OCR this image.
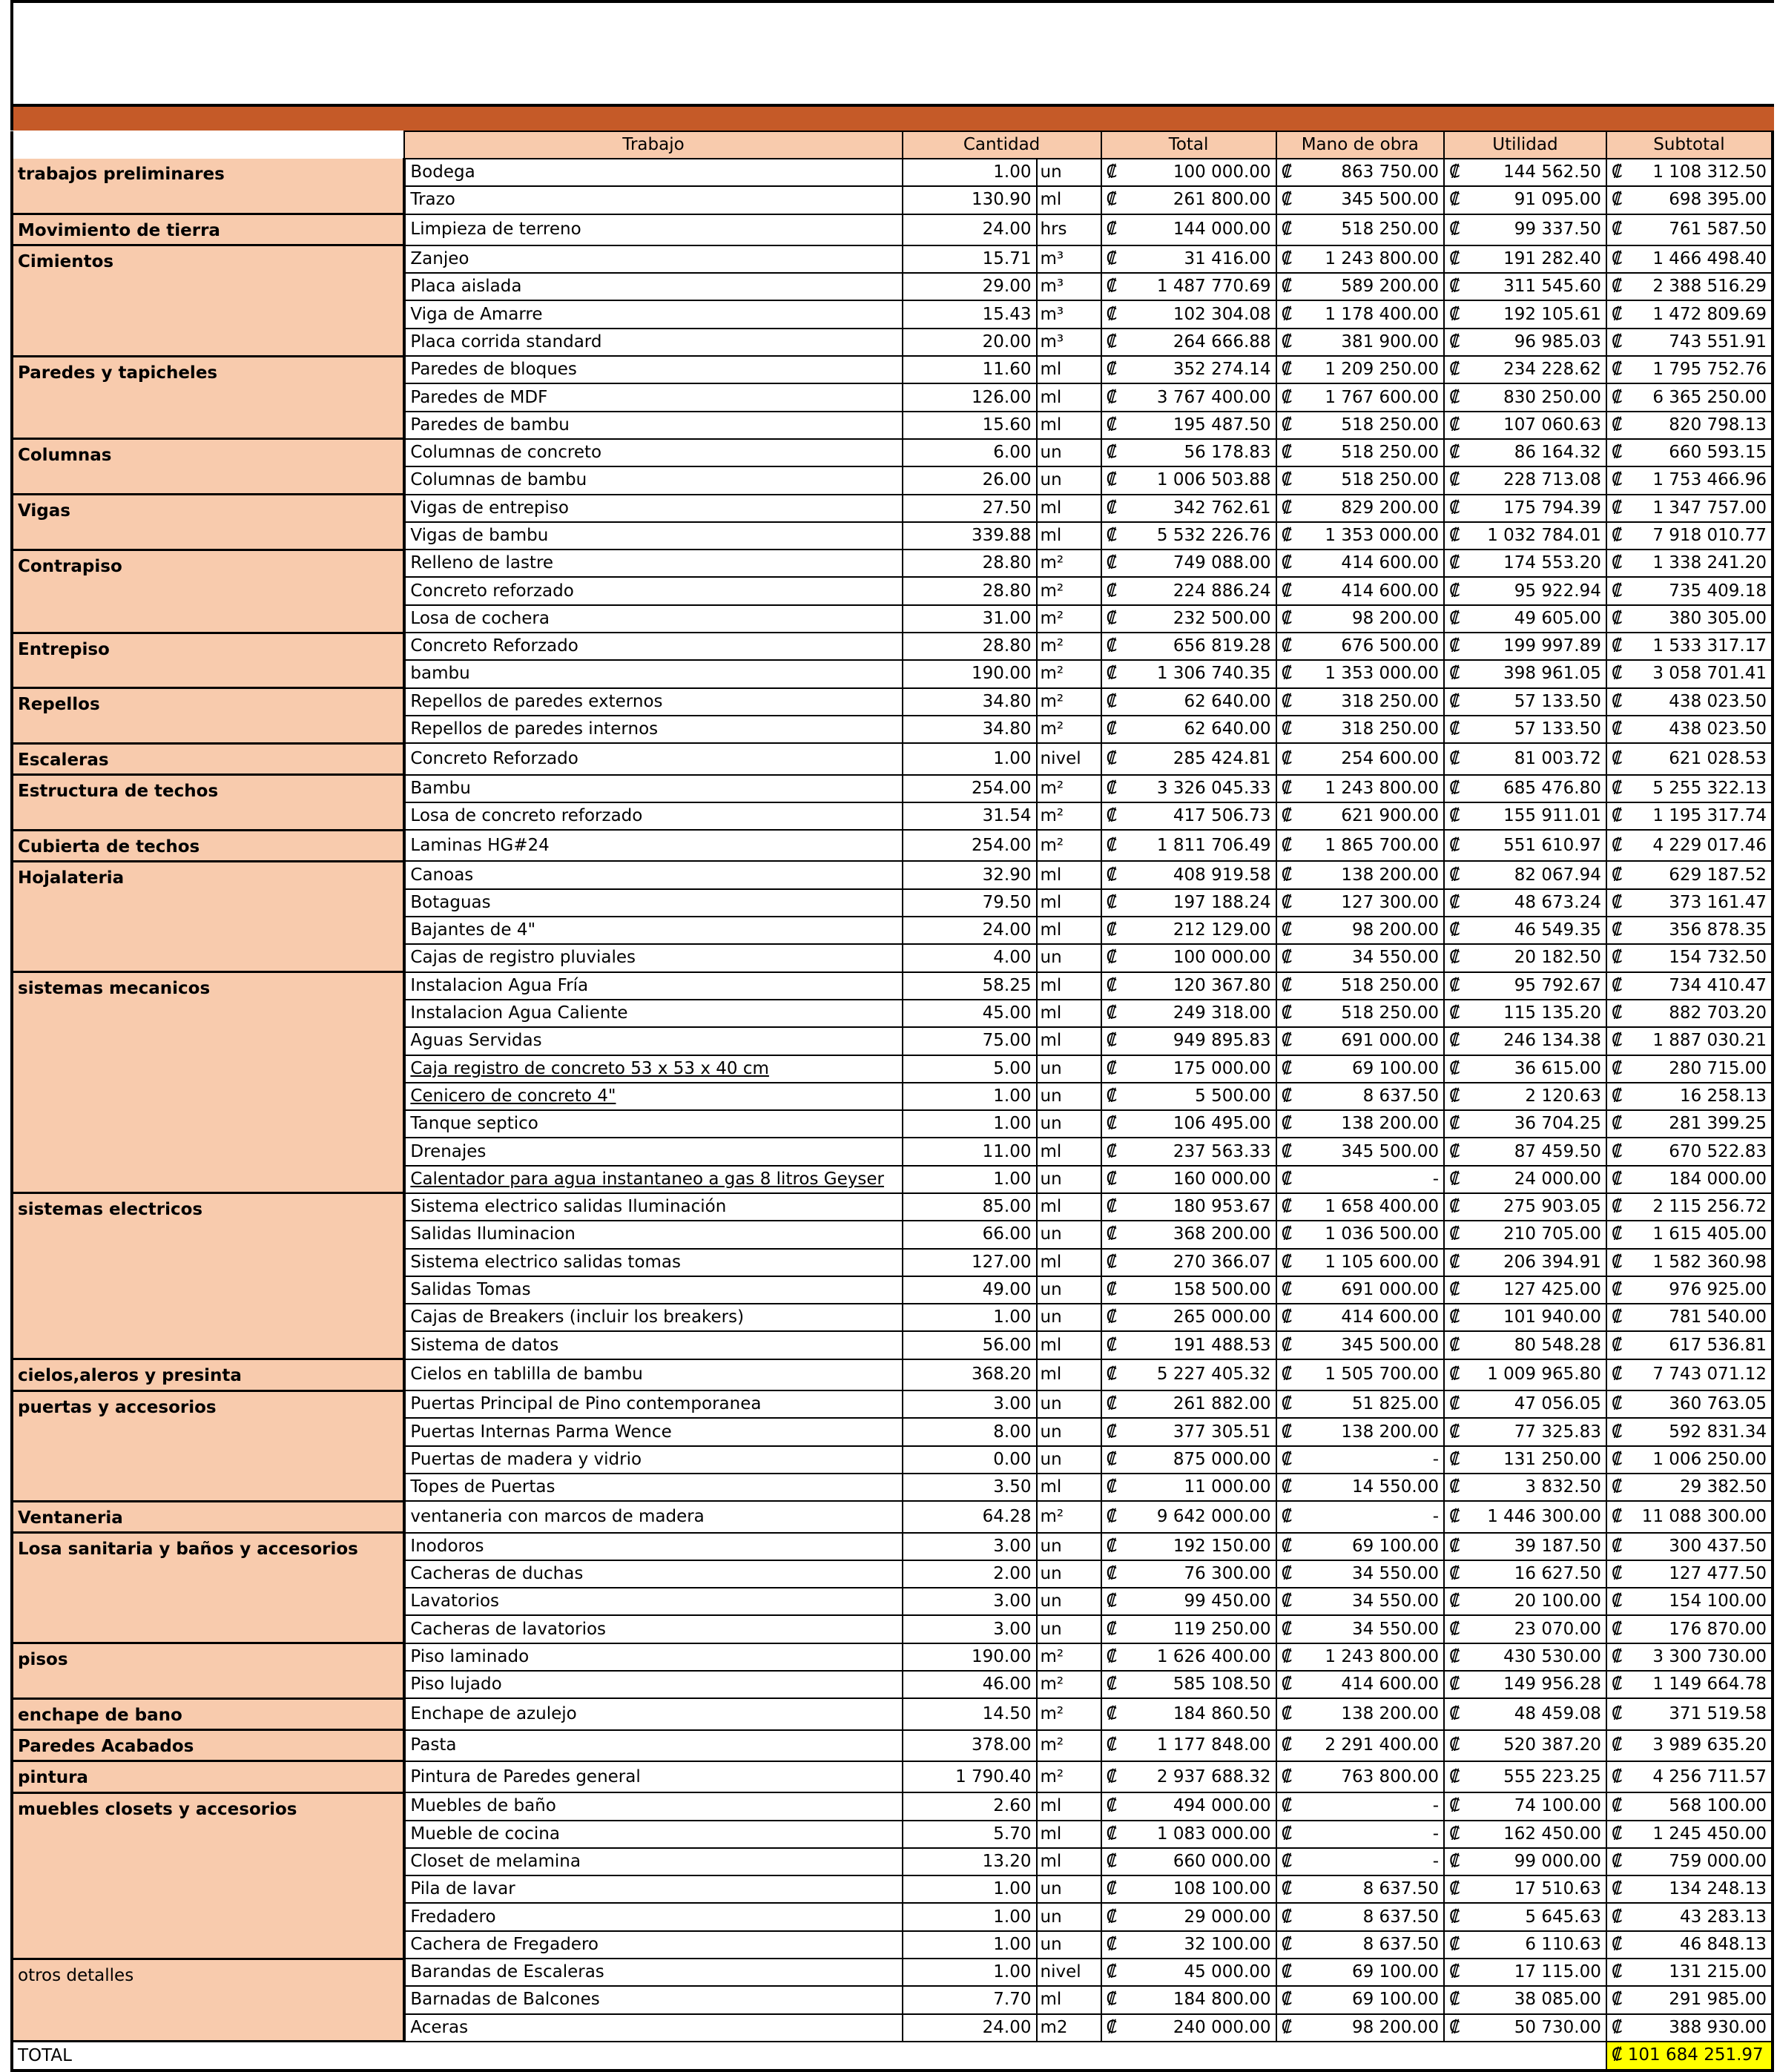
	Trabajo	Cantidad		Total		Mano de obra		Utilidad		Subtotal	
trabajos preliminares	Bodega	1.00	un	₡	100 000.00	₡	863 750.00	₡	144 562.50	₡	1 108 312.50
	Trazo	130.90	ml	₡	261 800.00	₡	345 500.00	₡	91 095.00	₡	698 395.00
Movimiento de tierra	Limpieza de terreno	24.00	hrs	₡	144 000.00	₡	518 250.00	₡	99 337.50	₡	761 587.50
Cimientos	Zanjeo	15.71	m³	₡	31 416.00	₡	1 243 800.00	₡	191 282.40	₡	1 466 498.40
	Placa aislada	29.00	m³	₡	1 487 770.69	₡	589 200.00	₡	311 545.60	₡	2 388 516.29
	Viga de Amarre	15.43	m³	₡	102 304.08	₡	1 178 400.00	₡	192 105.61	₡	1 472 809.69
	Placa corrida standard	20.00	m³	₡	264 666.88	₡	381 900.00	₡	96 985.03	₡	743 551.91
Paredes y tapicheles	Paredes de bloques	11.60	ml	₡	352 274.14	₡	1 209 250.00	₡	234 228.62	₡	1 795 752.76
	Paredes de MDF	126.00	ml	₡	3 767 400.00	₡	1 767 600.00	₡	830 250.00	₡	6 365 250.00
	Paredes de bambu	15.60	ml	₡	195 487.50	₡	518 250.00	₡	107 060.63	₡	820 798.13
Columnas	Columnas de concreto	6.00	un	₡	56 178.83	₡	518 250.00	₡	86 164.32	₡	660 593.15
	Columnas de bambu	26.00	un	₡	1 006 503.88	₡	518 250.00	₡	228 713.08	₡	1 753 466.96
Vigas	Vigas de entrepiso	27.50	ml	₡	342 762.61	₡	829 200.00	₡	175 794.39	₡	1 347 757.00
	Vigas de bambu	339.88	ml	₡	5 532 226.76	₡	1 353 000.00	₡	1 032 784.01	₡	7 918 010.77
Contrapiso	Relleno de lastre	28.80	m²	₡	749 088.00	₡	414 600.00	₡	174 553.20	₡	1 338 241.20
	Concreto reforzado	28.80	m²	₡	224 886.24	₡	414 600.00	₡	95 922.94	₡	735 409.18
	Losa de cochera	31.00	m²	₡	232 500.00	₡	98 200.00	₡	49 605.00	₡	380 305.00
Entrepiso	Concreto Reforzado	28.80	m²	₡	656 819.28	₡	676 500.00	₡	199 997.89	₡	1 533 317.17
	bambu	190.00	m²	₡	1 306 740.35	₡	1 353 000.00	₡	398 961.05	₡	3 058 701.41
Repellos	Repellos de paredes externos	34.80	m²	₡	62 640.00	₡	318 250.00	₡	57 133.50	₡	438 023.50
	Repellos de paredes internos	34.80	m²	₡	62 640.00	₡	318 250.00	₡	57 133.50	₡	438 023.50
Escaleras	Concreto Reforzado	1.00	nivel	₡	285 424.81	₡	254 600.00	₡	81 003.72	₡	621 028.53
Estructura de techos	Bambu	254.00	m²	₡	3 326 045.33	₡	1 243 800.00	₡	685 476.80	₡	5 255 322.13
	Losa de concreto reforzado	31.54	m²	₡	417 506.73	₡	621 900.00	₡	155 911.01	₡	1 195 317.74
Cubierta de techos	Laminas HG#24	254.00	m²	₡	1 811 706.49	₡	1 865 700.00	₡	551 610.97	₡	4 229 017.46
Hojalateria	Canoas	32.90	ml	₡	408 919.58	₡	138 200.00	₡	82 067.94	₡	629 187.52
	Botaguas	79.50	ml	₡	197 188.24	₡	127 300.00	₡	48 673.24	₡	373 161.47
	Bajantes de 4"	24.00	ml	₡	212 129.00	₡	98 200.00	₡	46 549.35	₡	356 878.35
	Cajas de registro pluviales	4.00	un	₡	100 000.00	₡	34 550.00	₡	20 182.50	₡	154 732.50
sistemas mecanicos	Instalacion Agua Fría	58.25	ml	₡	120 367.80	₡	518 250.00	₡	95 792.67	₡	734 410.47
	Instalacion Agua Caliente	45.00	ml	₡	249 318.00	₡	518 250.00	₡	115 135.20	₡	882 703.20
	Aguas Servidas	75.00	ml	₡	949 895.83	₡	691 000.00	₡	246 134.38	₡	1 887 030.21
	Caja registro de concreto 53 x 53 x 40 cm	5.00	un	₡	175 000.00	₡	69 100.00	₡	36 615.00	₡	280 715.00
	Cenicero de concreto 4"	1.00	un	₡	5 500.00	₡	8 637.50	₡	2 120.63	₡	16 258.13
	Tanque septico	1.00	un	₡	106 495.00	₡	138 200.00	₡	36 704.25	₡	281 399.25
	Drenajes	11.00	ml	₡	237 563.33	₡	345 500.00	₡	87 459.50	₡	670 522.83
	Calentador para agua instantaneo a gas 8 litros Geyser	1.00	un	₡	160 000.00	₡	-	₡	24 000.00	₡	184 000.00
sistemas electricos	Sistema electrico salidas Iluminación	85.00	ml	₡	180 953.67	₡	1 658 400.00	₡	275 903.05	₡	2 115 256.72
	Salidas Iluminacion	66.00	un	₡	368 200.00	₡	1 036 500.00	₡	210 705.00	₡	1 615 405.00
	Sistema electrico salidas tomas	127.00	ml	₡	270 366.07	₡	1 105 600.00	₡	206 394.91	₡	1 582 360.98
	Salidas Tomas	49.00	un	₡	158 500.00	₡	691 000.00	₡	127 425.00	₡	976 925.00
	Cajas de Breakers (incluir los breakers)	1.00	un	₡	265 000.00	₡	414 600.00	₡	101 940.00	₡	781 540.00
	Sistema de datos	56.00	ml	₡	191 488.53	₡	345 500.00	₡	80 548.28	₡	617 536.81
cielos,aleros y presinta	Cielos en tablilla de bambu	368.20	ml	₡	5 227 405.32	₡	1 505 700.00	₡	1 009 965.80	₡	7 743 071.12
puertas y accesorios	Puertas Principal de Pino contemporanea	3.00	un	₡	261 882.00	₡	51 825.00	₡	47 056.05	₡	360 763.05
	Puertas Internas Parma Wence	8.00	un	₡	377 305.51	₡	138 200.00	₡	77 325.83	₡	592 831.34
	Puertas de madera y vidrio	0.00	un	₡	875 000.00	₡	-	₡	131 250.00	₡	1 006 250.00
	Topes de Puertas	3.50	ml	₡	11 000.00	₡	14 550.00	₡	3 832.50	₡	29 382.50
Ventaneria	ventaneria con marcos de madera	64.28	m²	₡	9 642 000.00	₡	-	₡	1 446 300.00	₡	11 088 300.00
Losa sanitaria y baños y accesorios	Inodoros	3.00	un	₡	192 150.00	₡	69 100.00	₡	39 187.50	₡	300 437.50
	Cacheras de duchas	2.00	un	₡	76 300.00	₡	34 550.00	₡	16 627.50	₡	127 477.50
	Lavatorios	3.00	un	₡	99 450.00	₡	34 550.00	₡	20 100.00	₡	154 100.00
	Cacheras de lavatorios	3.00	un	₡	119 250.00	₡	34 550.00	₡	23 070.00	₡	176 870.00
pisos	Piso laminado	190.00	m²	₡	1 626 400.00	₡	1 243 800.00	₡	430 530.00	₡	3 300 730.00
	Piso lujado	46.00	m²	₡	585 108.50	₡	414 600.00	₡	149 956.28	₡	1 149 664.78
enchape de bano	Enchape de azulejo	14.50	m²	₡	184 860.50	₡	138 200.00	₡	48 459.08	₡	371 519.58
Paredes Acabados	Pasta	378.00	m²	₡	1 177 848.00	₡	2 291 400.00	₡	520 387.20	₡	3 989 635.20
pintura	Pintura de Paredes general	1 790.40	m²	₡	2 937 688.32	₡	763 800.00	₡	555 223.25	₡	4 256 711.57
muebles closets y accesorios	Muebles de baño	2.60	ml	₡	494 000.00	₡	-	₡	74 100.00	₡	568 100.00
	Mueble de cocina	5.70	ml	₡	1 083 000.00	₡	-	₡	162 450.00	₡	1 245 450.00
	Closet de melamina	13.20	ml	₡	660 000.00	₡	-	₡	99 000.00	₡	759 000.00
	Pila de lavar	1.00	un	₡	108 100.00	₡	8 637.50	₡	17 510.63	₡	134 248.13
	Fredadero	1.00	un	₡	29 000.00	₡	8 637.50	₡	5 645.63	₡	43 283.13
	Cachera de Fregadero	1.00	un	₡	32 100.00	₡	8 637.50	₡	6 110.63	₡	46 848.13
otros detalles	Barandas de Escaleras	1.00	nivel	₡	45 000.00	₡	69 100.00	₡	17 115.00	₡	131 215.00
	Barnadas de Balcones	7.70	ml	₡	184 800.00	₡	69 100.00	₡	38 085.00	₡	291 985.00
	Aceras	24.00	m2	₡	240 000.00	₡	98 200.00	₡	50 730.00	₡	388 930.00
TOTAL										₡ 101 684 251.97	
